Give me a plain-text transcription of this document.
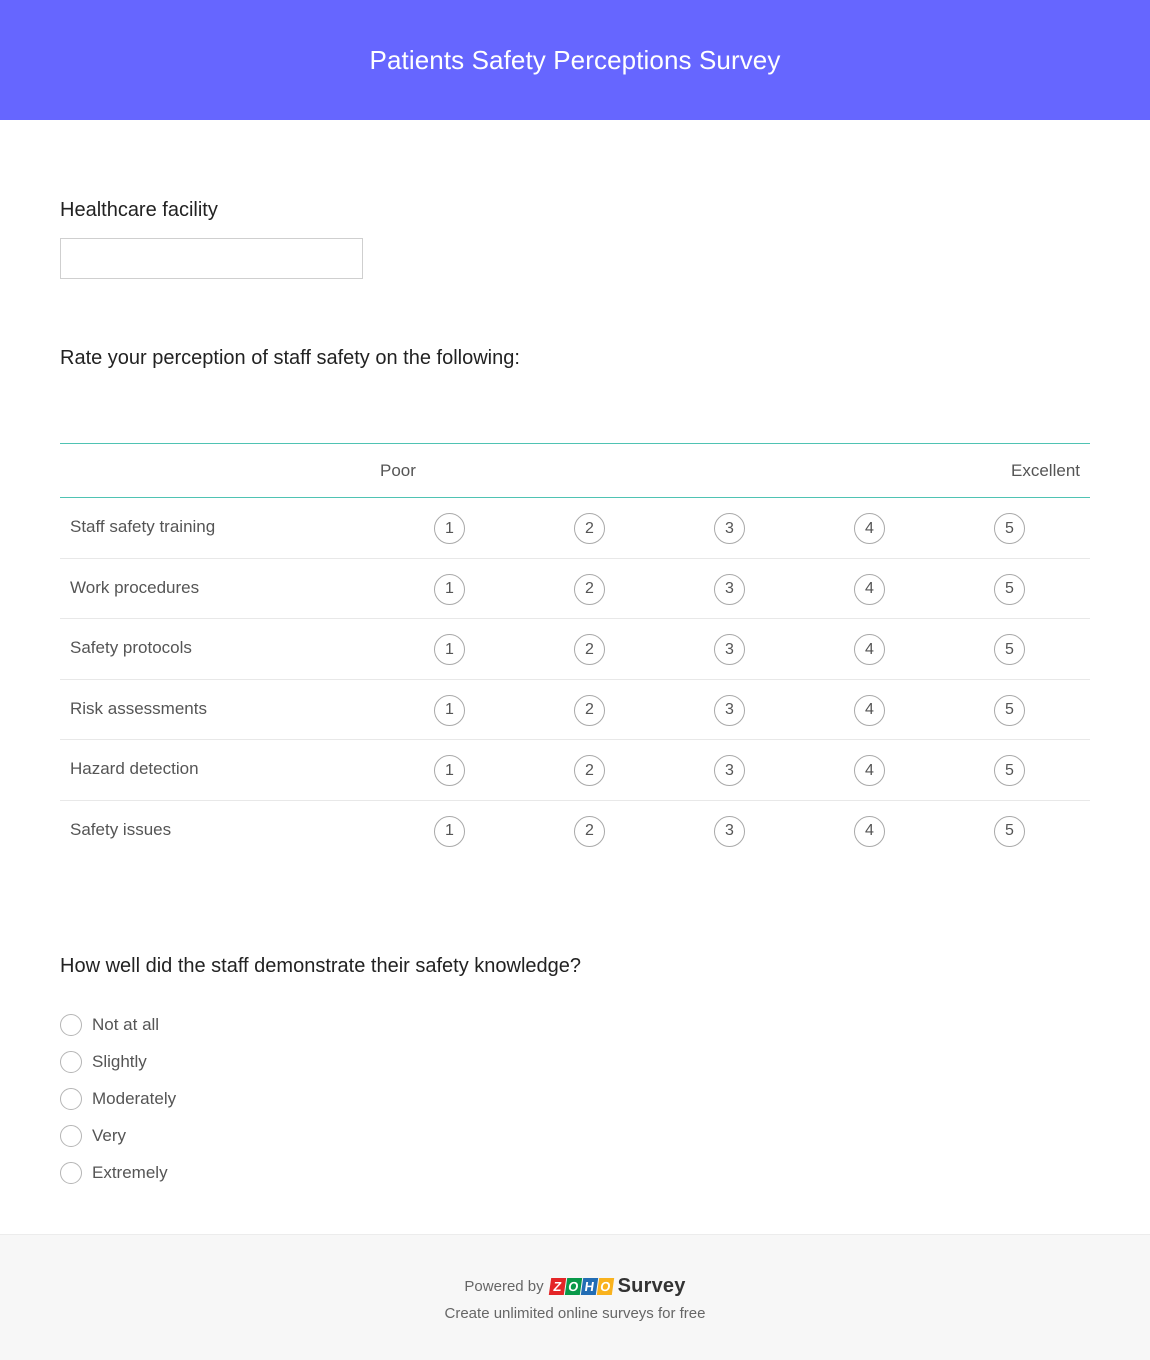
Patients Safety Perceptions Survey
Healthcare facility
Rate your perception of staff safety on the following:
Poor	Excellent
Staff safety training	1	2	3	4	5
Work procedures	1	2	3	4	5
Safety protocols	1	2	3	4	5
Risk assessments	1	2	3	4	5
Hazard detection	1	2	3	4	5
Safety issues	1	2	3	4	5
How well did the staff demonstrate their safety knowledge?
Not at all
Slightly
Moderately
Very
Extremely
Powered by Z O H O Survey
Create unlimited online surveys for free
